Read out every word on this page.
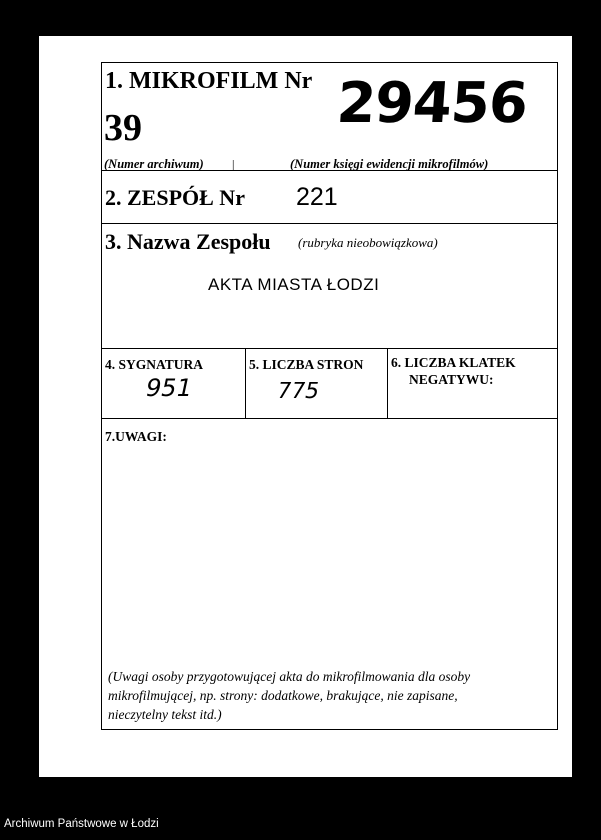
1. MIKROFILM Nr
39	29456
(Numer archiwum) |	(Numer księgi ewidencji mikrofilmów)
2. ZESPÓŁ Nr 221
3. Nazwa Zespołu (rubryka nieobowiązkowa)
AKTA MIASTA ŁODZI
4. SYGNATURA
951
5. LICZBA STRON
775
6. LICZBA KLATEK
NEGATYWU:
7.UWAGI:
(Uwagi osoby przygotowującej akta do mikrofilmowania dla osoby
mikrofilmującej, np. strony: dodatkowe, brakujące, nie zapisane,
nieczytelny tekst itd.)
Archiwum Państwowe w Łodzi
